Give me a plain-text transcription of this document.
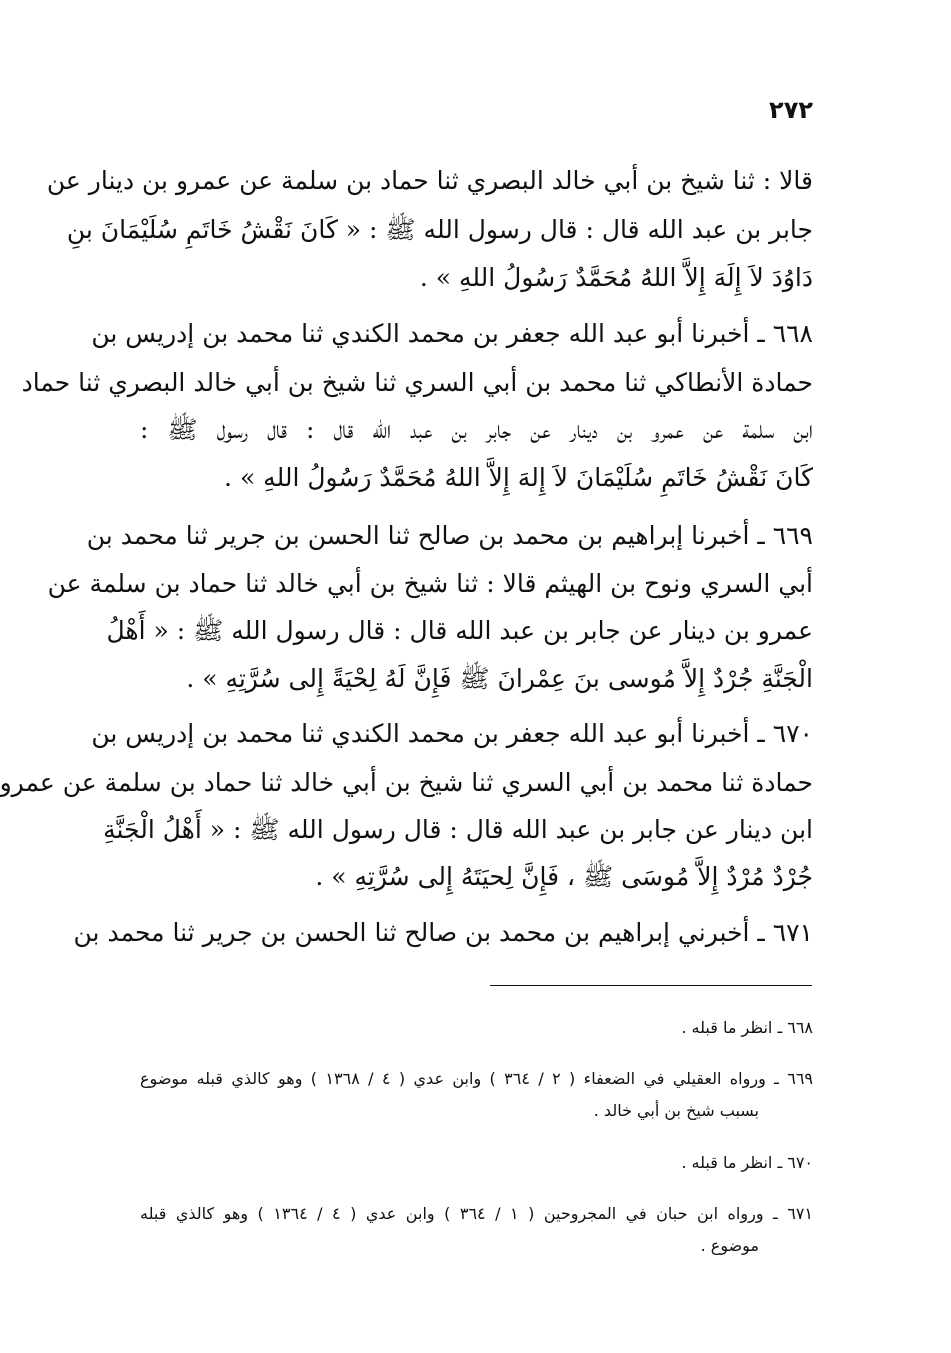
٢٧٢
قالا : ثنا شيخ بن أبي خالد البصري ثنا حماد بن سلمة عن عمرو بن دينار عن
جابر بن عبد الله قال : قال رسول الله ﷺ : « كَانَ نَقْشُ خَاتَمِ سُلَيْمَانَ بنِ
دَاوُدَ لاَ إِلَهَ إِلاَّ اللهُ مُحَمَّدٌ رَسُولُ اللهِ » .
٦٦٨ ـ أخبرنا أبو عبد الله جعفر بن محمد الكندي ثنا محمد بن إدريس بن
حمادة الأنطاكي ثنا محمد بن أبي السري ثنا شيخ بن أبي خالد البصري ثنا حماد
ابن سلمة عن عمرو بن دينار عن جابر بن عبد الله قال : قال رسول ﷺ :
كَانَ نَقْشُ خَاتَمِ سُلَيْمَانَ لاَ إِلهَ إِلاَّ اللهُ مُحَمَّدٌ رَسُولُ اللهِ » .
٦٦٩ ـ أخبرنا إبراهيم بن محمد بن صالح ثنا الحسن بن جرير ثنا محمد بن
أبي السري ونوح بن الهيثم قالا : ثنا شيخ بن أبي خالد ثنا حماد بن سلمة عن
عمرو بن دينار عن جابر بن عبد الله قال : قال رسول الله ﷺ : « أَهْلُ
الْجَنَّةِ جُرْدٌ إِلاَّ مُوسى بنَ عِمْرانَ ﷺ فَإِنَّ لَهُ لِحْيَةً إِلى سُرَّتِهِ » .
٦٧٠ ـ أخبرنا أبو عبد الله جعفر بن محمد الكندي ثنا محمد بن إدريس بن
حمادة ثنا محمد بن أبي السري ثنا شيخ بن أبي خالد ثنا حماد بن سلمة عن عمرو
ابن دينار عن جابر بن عبد الله قال : قال رسول الله ﷺ : « أَهْلُ الْجَنَّةِ
جُرْدٌ مُرْدٌ إِلاَّ مُوسَى ﷺ ، فَإِنَّ لِحيَتَهُ إِلى سُرَّتِهِ » .
٦٧١ ـ أخبرني إبراهيم بن محمد بن صالح ثنا الحسن بن جرير ثنا محمد بن
٦٦٨ ـ انظر ما قبله .
٦٦٩ ـ ورواه العقيلي في الضعفاء ( ٢ / ٣٦٤ ) وابن عدي ( ٤ / ١٣٦٨ ) وهو كالذي قبله موضوع
بسبب شيخ بن أبي خالد .
٦٧٠ ـ انظر ما قبله .
٦٧١ ـ ورواه ابن حبان في المجروحين ( ١ / ٣٦٤ ) وابن عدي ( ٤ / ١٣٦٤ ) وهو كالذي قبله
موضوع .
